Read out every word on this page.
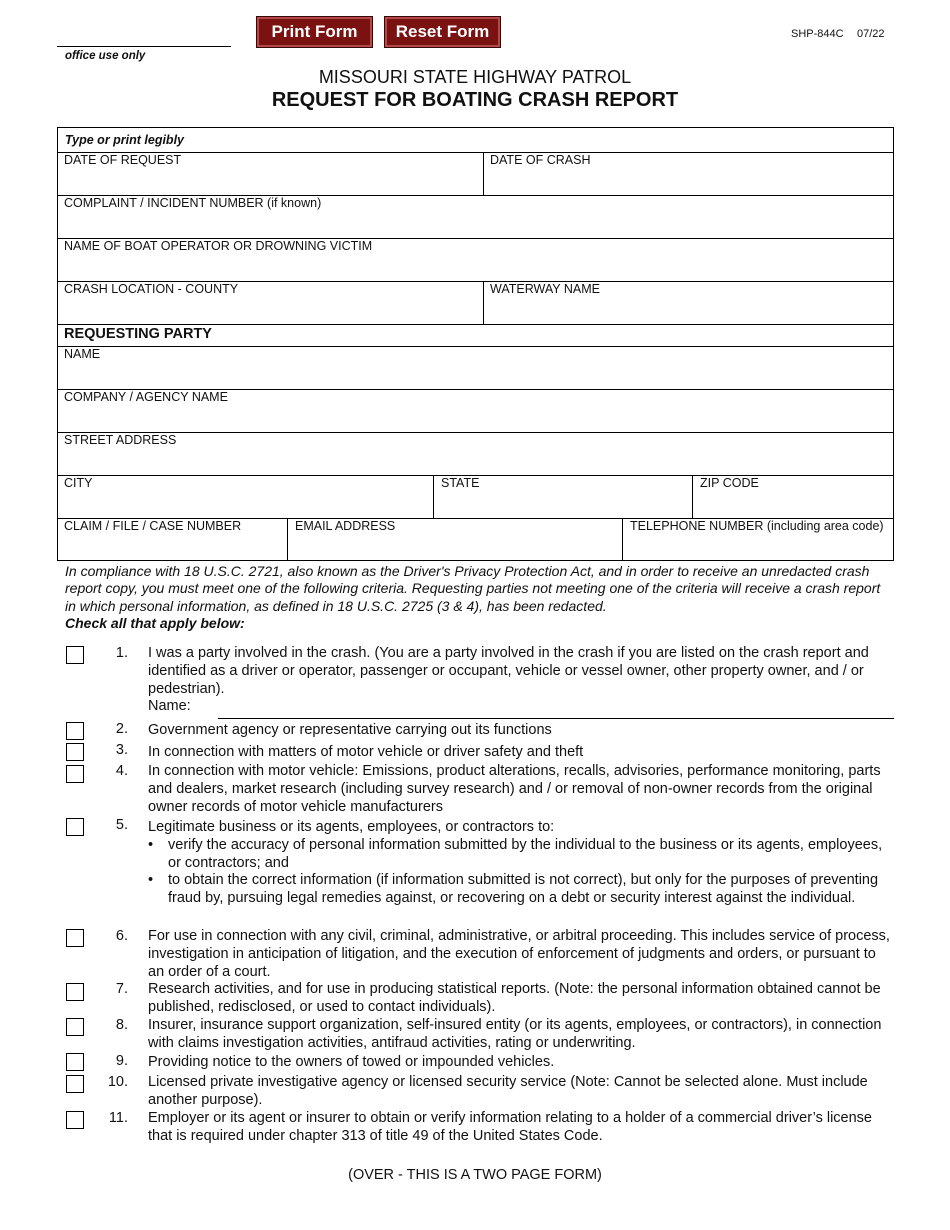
office use only
Print Form	Reset Form	SHP-844C 07/22
MISSOURI STATE HIGHWAY PATROL
REQUEST FOR BOATING CRASH REPORT
Type or print legibly
DATE OF REQUEST	DATE OF CRASH
COMPLAINT / INCIDENT NUMBER (if known)
NAME OF BOAT OPERATOR OR DROWNING VICTIM
CRASH LOCATION - COUNTY	WATERWAY NAME
REQUESTING PARTY
NAME
COMPANY / AGENCY NAME
STREET ADDRESS
CITY	STATE	ZIP CODE
CLAIM / FILE / CASE NUMBER	EMAIL ADDRESS	TELEPHONE NUMBER (including area code)
In compliance with 18 U.S.C. 2721, also known as the Driver's Privacy Protection Act, and in order to receive an unredacted crash report copy, you must meet one of the following criteria. Requesting parties not meeting one of the criteria will receive a crash report in which personal information, as defined in 18 U.S.C. 2725 (3 & 4), has been redacted.
Check all that apply below:
1. I was a party involved in the crash. (You are a party involved in the crash if you are listed on the crash report and identified as a driver or operator, passenger or occupant, vehicle or vessel owner, other property owner, and / or pedestrian).
Name:
2. Government agency or representative carrying out its functions
3. In connection with matters of motor vehicle or driver safety and theft
4. In connection with motor vehicle: Emissions, product alterations, recalls, advisories, performance monitoring, parts and dealers, market research (including survey research) and / or removal of non-owner records from the original owner records of motor vehicle manufacturers
5. Legitimate business or its agents, employees, or contractors to:
• verify the accuracy of personal information submitted by the individual to the business or its agents, employees, or contractors; and
• to obtain the correct information (if information submitted is not correct), but only for the purposes of preventing fraud by, pursuing legal remedies against, or recovering on a debt or security interest against the individual.
6. For use in connection with any civil, criminal, administrative, or arbitral proceeding. This includes service of process, investigation in anticipation of litigation, and the execution of enforcement of judgments and orders, or pursuant to an order of a court.
7. Research activities, and for use in producing statistical reports. (Note: the personal information obtained cannot be published, redisclosed, or used to contact individuals).
8. Insurer, insurance support organization, self-insured entity (or its agents, employees, or contractors), in connection with claims investigation activities, antifraud activities, rating or underwriting.
9. Providing notice to the owners of towed or impounded vehicles.
10. Licensed private investigative agency or licensed security service (Note: Cannot be selected alone. Must include another purpose).
11. Employer or its agent or insurer to obtain or verify information relating to a holder of a commercial driver’s license that is required under chapter 313 of title 49 of the United States Code.
(OVER - THIS IS A TWO PAGE FORM)
